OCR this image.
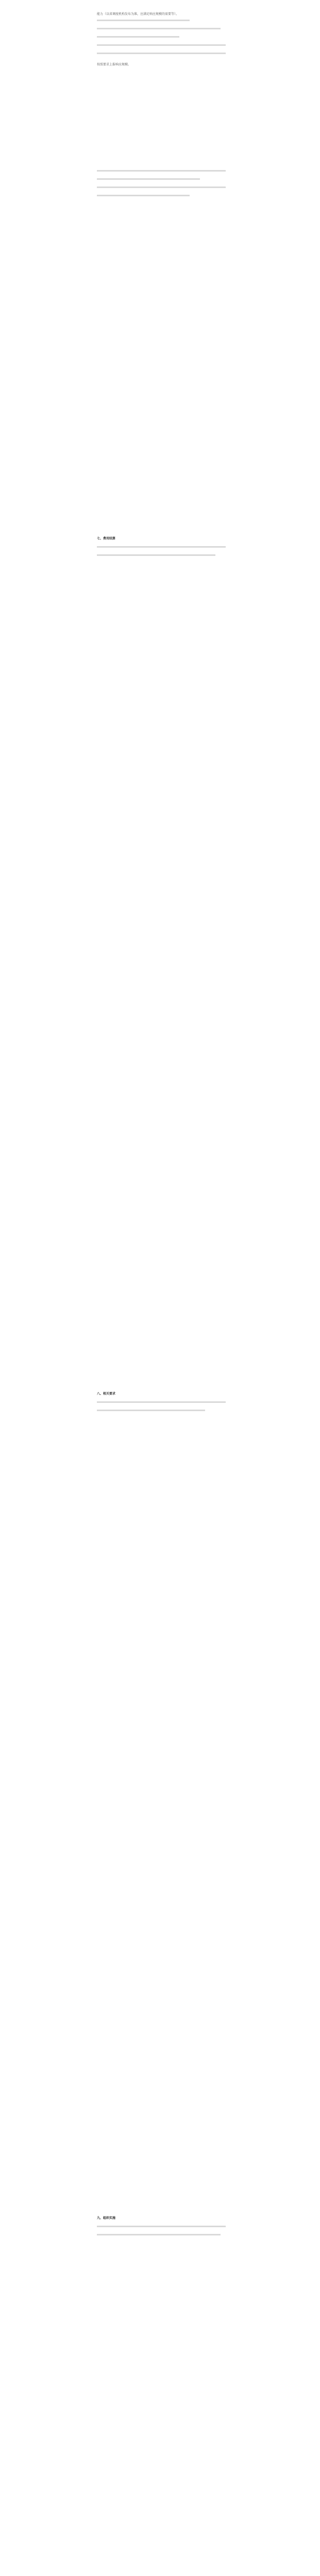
能力（以省调度机构发布为准，应满足响应规模的需要等）。
按照要求上报响应规模。
七、费用结算
八、相关要求
九、组织实施
